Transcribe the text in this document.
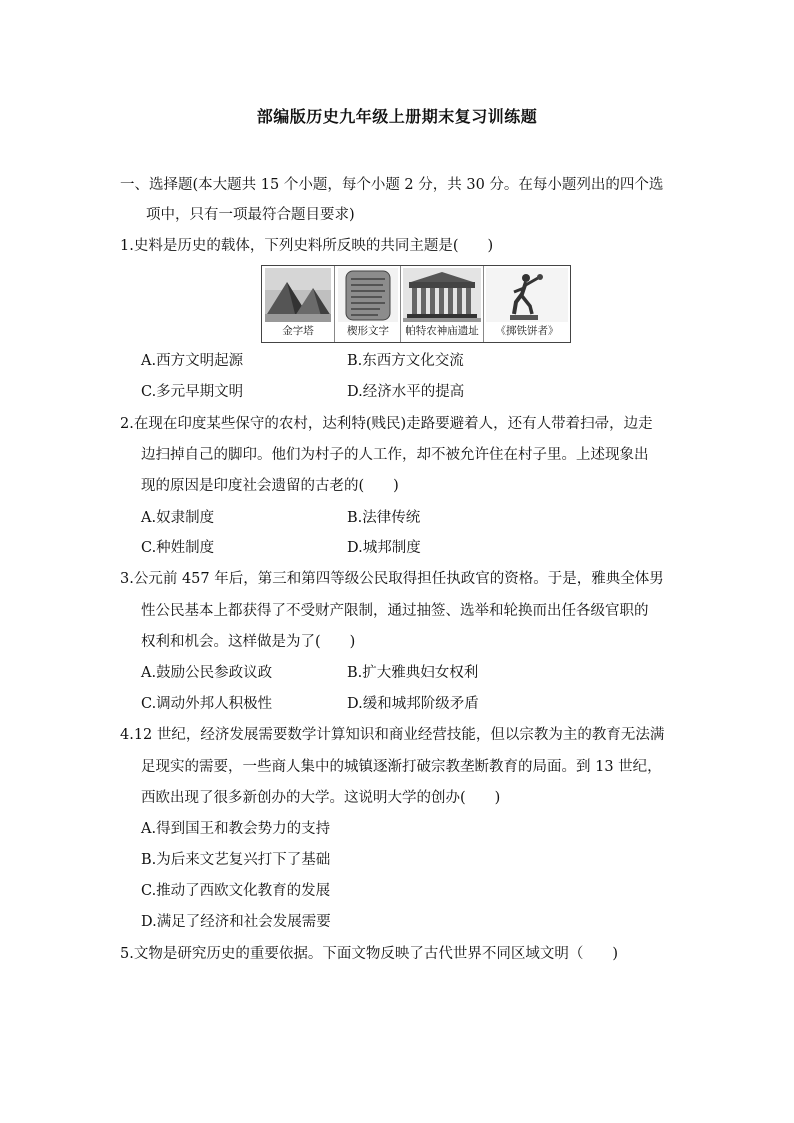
部编版历史九年级上册期末复习训练题
一、选择题(本大题共 15 个小题，每个小题 2 分，共 30 分。在每小题列出的四个选
项中，只有一项最符合题目要求)
1.史料是历史的载体，下列史料所反映的共同主题是(　　)
金字塔	楔形文字	帕特农神庙遗址	《掷铁饼者》
A.西方文明起源	B.东西方文化交流
C.多元早期文明	D.经济水平的提高
2.在现在印度某些保守的农村，达利特(贱民)走路要避着人，还有人带着扫帚，边走
边扫掉自己的脚印。他们为村子的人工作，却不被允许住在村子里。上述现象出
现的原因是印度社会遗留的古老的(　　)
A.奴隶制度	B.法律传统
C.种姓制度	D.城邦制度
3.公元前 457 年后，第三和第四等级公民取得担任执政官的资格。于是，雅典全体男
性公民基本上都获得了不受财产限制，通过抽签、选举和轮换而出任各级官职的
权利和机会。这样做是为了(　　)
A.鼓励公民参政议政	B.扩大雅典妇女权利
C.调动外邦人积极性	D.缓和城邦阶级矛盾
4.12 世纪，经济发展需要数学计算知识和商业经营技能，但以宗教为主的教育无法满
足现实的需要，一些商人集中的城镇逐渐打破宗教垄断教育的局面。到 13 世纪，
西欧出现了很多新创办的大学。这说明大学的创办(　　)
A.得到国王和教会势力的支持
B.为后来文艺复兴打下了基础
C.推动了西欧文化教育的发展
D.满足了经济和社会发展需要
5.文物是研究历史的重要依据。下面文物反映了古代世界不同区域文明（　　)
